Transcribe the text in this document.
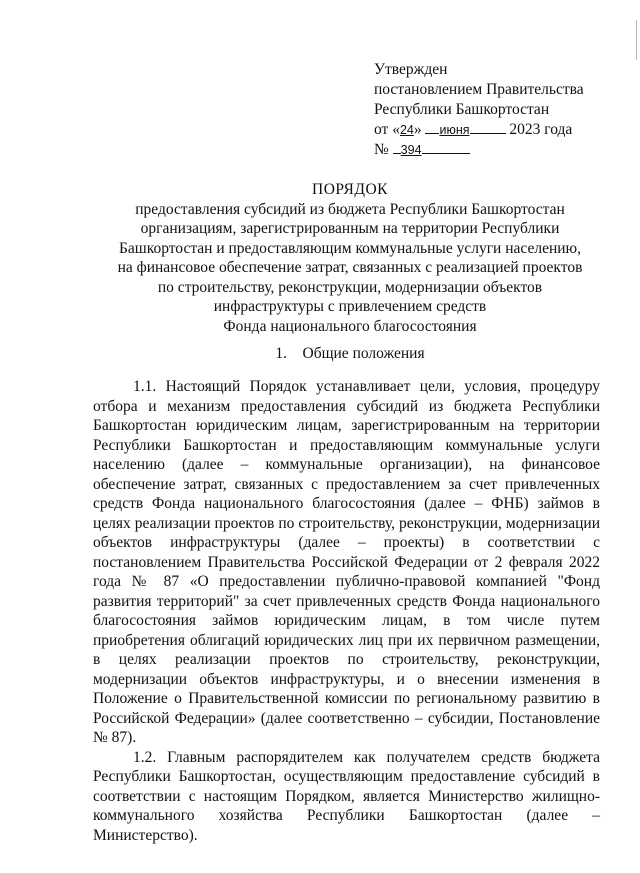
Утвержден
постановлением Правительства
Республики Башкортостан
от «24» июня	2023 года
№ 394
ПОРЯДОК
предоставления субсидий из бюджета Республики Башкортостан
организациям, зарегистрированным на территории Республики
Башкортостан и предоставляющим коммунальные услуги населению,
на финансовое обеспечение затрат, связанных с реализацией проектов
по строительству, реконструкции, модернизации объектов
инфраструктуры с привлечением средств
Фонда национального благосостояния
1. Общие положения

1.1. Настоящий Порядок устанавливает цели, условия, процедуру отбора и механизм предоставления субсидий из бюджета Республики Башкортостан юридическим лицам, зарегистрированным на территории Республики Башкортостан и предоставляющим коммунальные услуги населению (далее – коммунальные организации), на финансовое обеспечение затрат, связанных с предоставлением за счет привлеченных средств Фонда национального благосостояния (далее – ФНБ) займов в целях реализации проектов по строительству, реконструкции, модернизации объектов инфраструктуры (далее – проекты) в соответствии с постановлением Правительства Российской Федерации от 2 февраля 2022 года № 87 «О предоставлении публично-правовой компанией "Фонд развития территорий" за счет привлеченных средств Фонда национального благосостояния займов юридическим лицам, в том числе путем приобретения облигаций юридических лиц при их первичном размещении, в целях реализации проектов по строительству, реконструкции, модернизации объектов инфраструктуры, и о внесении изменения в Положение о Правительственной комиссии по региональному развитию в Российской Федерации» (далее соответственно – субсидии, Постановление № 87).

1.2. Главным распорядителем как получателем средств бюджета Республики Башкортостан, осуществляющим предоставление субсидий в соответствии с настоящим Порядком, является Министерство жилищно-коммунального хозяйства Республики Башкортостан (далее – Министерство).
